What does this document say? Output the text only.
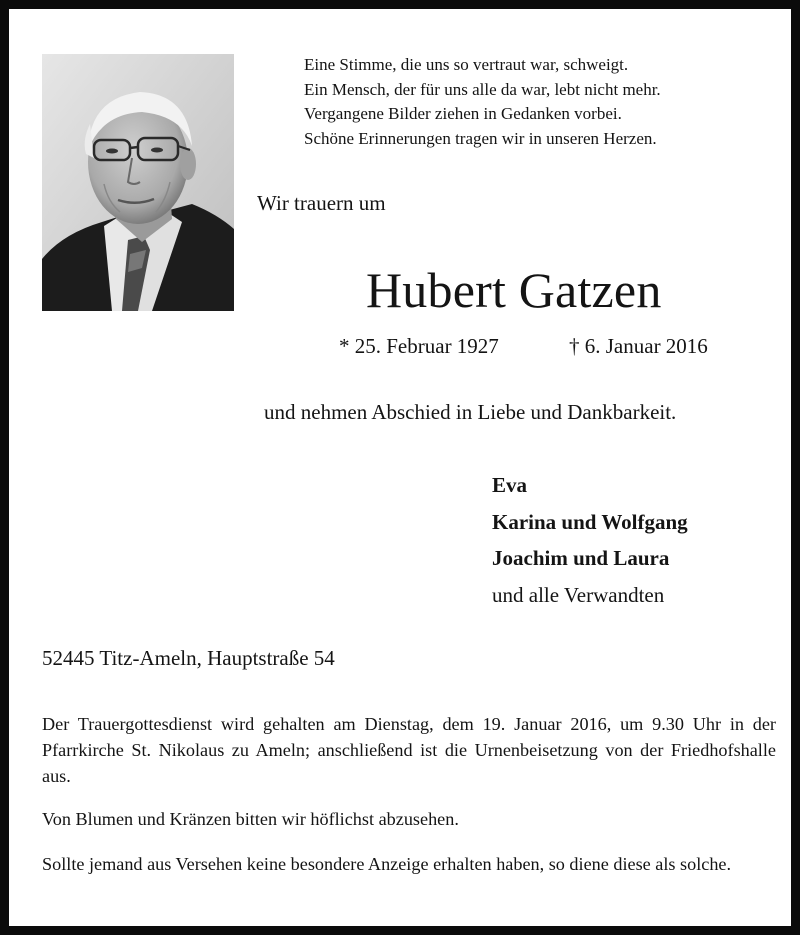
Eine Stimme, die uns so vertraut war, schweigt.
Ein Mensch, der für uns alle da war, lebt nicht mehr.
Vergangene Bilder ziehen in Gedanken vorbei.
Schöne Erinnerungen tragen wir in unseren Herzen.
Wir trauern um
Hubert Gatzen
* 25. Februar 1927	† 6. Januar 2016
und nehmen Abschied in Liebe und Dankbarkeit.
Eva
Karina und Wolfgang
Joachim und Laura
und alle Verwandten
52445 Titz-Ameln, Hauptstraße 54
Der Trauergottesdienst wird gehalten am Dienstag, dem 19. Januar 2016, um 9.30 Uhr in der Pfarrkirche St. Nikolaus zu Ameln; anschließend ist die Urnenbeisetzung von der Friedhofshalle aus.
Von Blumen und Kränzen bitten wir höflichst abzusehen.
Sollte jemand aus Versehen keine besondere Anzeige erhalten haben, so diene diese als solche.
